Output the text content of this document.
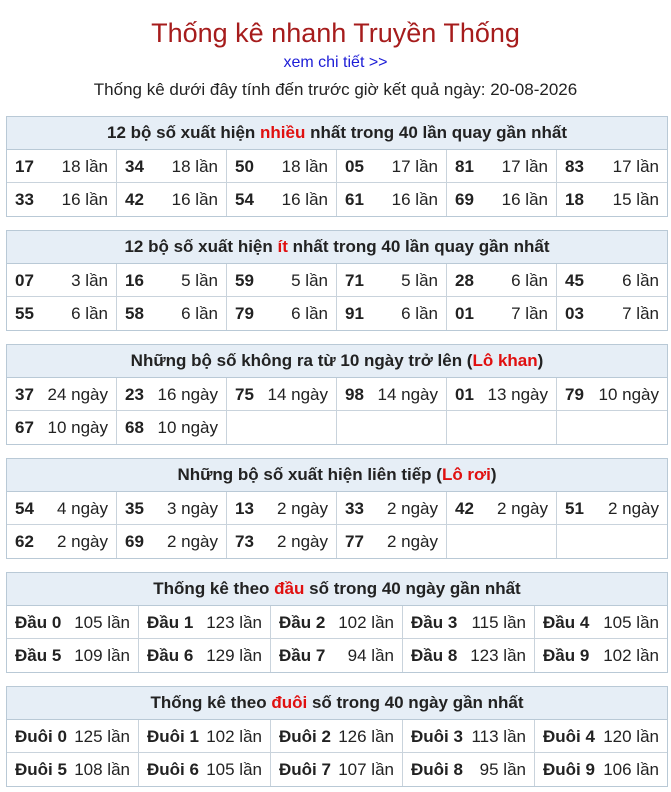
Thống kê nhanh Truyền Thống
xem chi tiết >>
Thống kê dưới đây tính đến trước giờ kết quả ngày: 20-08-2026
12 bộ số xuất hiện nhiều nhất trong 40 lần quay gần nhất
17 18 lần 34 18 lần 50 18 lần 05 17 lần 81 17 lần 83 17 lần
33 16 lần 42 16 lần 54 16 lần 61 16 lần 69 16 lần 18 15 lần
12 bộ số xuất hiện ít nhất trong 40 lần quay gần nhất
07 3 lần 16 5 lần 59 5 lần 71 5 lần 28 6 lần 45 6 lần
55 6 lần 58 6 lần 79 6 lần 91 6 lần 01 7 lần 03 7 lần
Những bộ số không ra từ 10 ngày trở lên (Lô khan)
37 24 ngày 23 16 ngày 75 14 ngày 98 14 ngày 01 13 ngày 79 10 ngày
67 10 ngày 68 10 ngày
Những bộ số xuất hiện liên tiếp (Lô rơi)
54 4 ngày 35 3 ngày 13 2 ngày 33 2 ngày 42 2 ngày 51 2 ngày
62 2 ngày 69 2 ngày 73 2 ngày 77 2 ngày
Thống kê theo đầu số trong 40 ngày gần nhất
Đầu 0 105 lần Đầu 1 123 lần Đầu 2 102 lần Đầu 3 115 lần Đầu 4 105 lần
Đầu 5 109 lần Đầu 6 129 lần Đầu 7 94 lần Đầu 8 123 lần Đầu 9 102 lần
Thống kê theo đuôi số trong 40 ngày gần nhất
Đuôi 0 125 lần Đuôi 1 102 lần Đuôi 2 126 lần Đuôi 3 113 lần Đuôi 4 120 lần
Đuôi 5 108 lần Đuôi 6 105 lần Đuôi 7 107 lần Đuôi 8 95 lần Đuôi 9 106 lần
